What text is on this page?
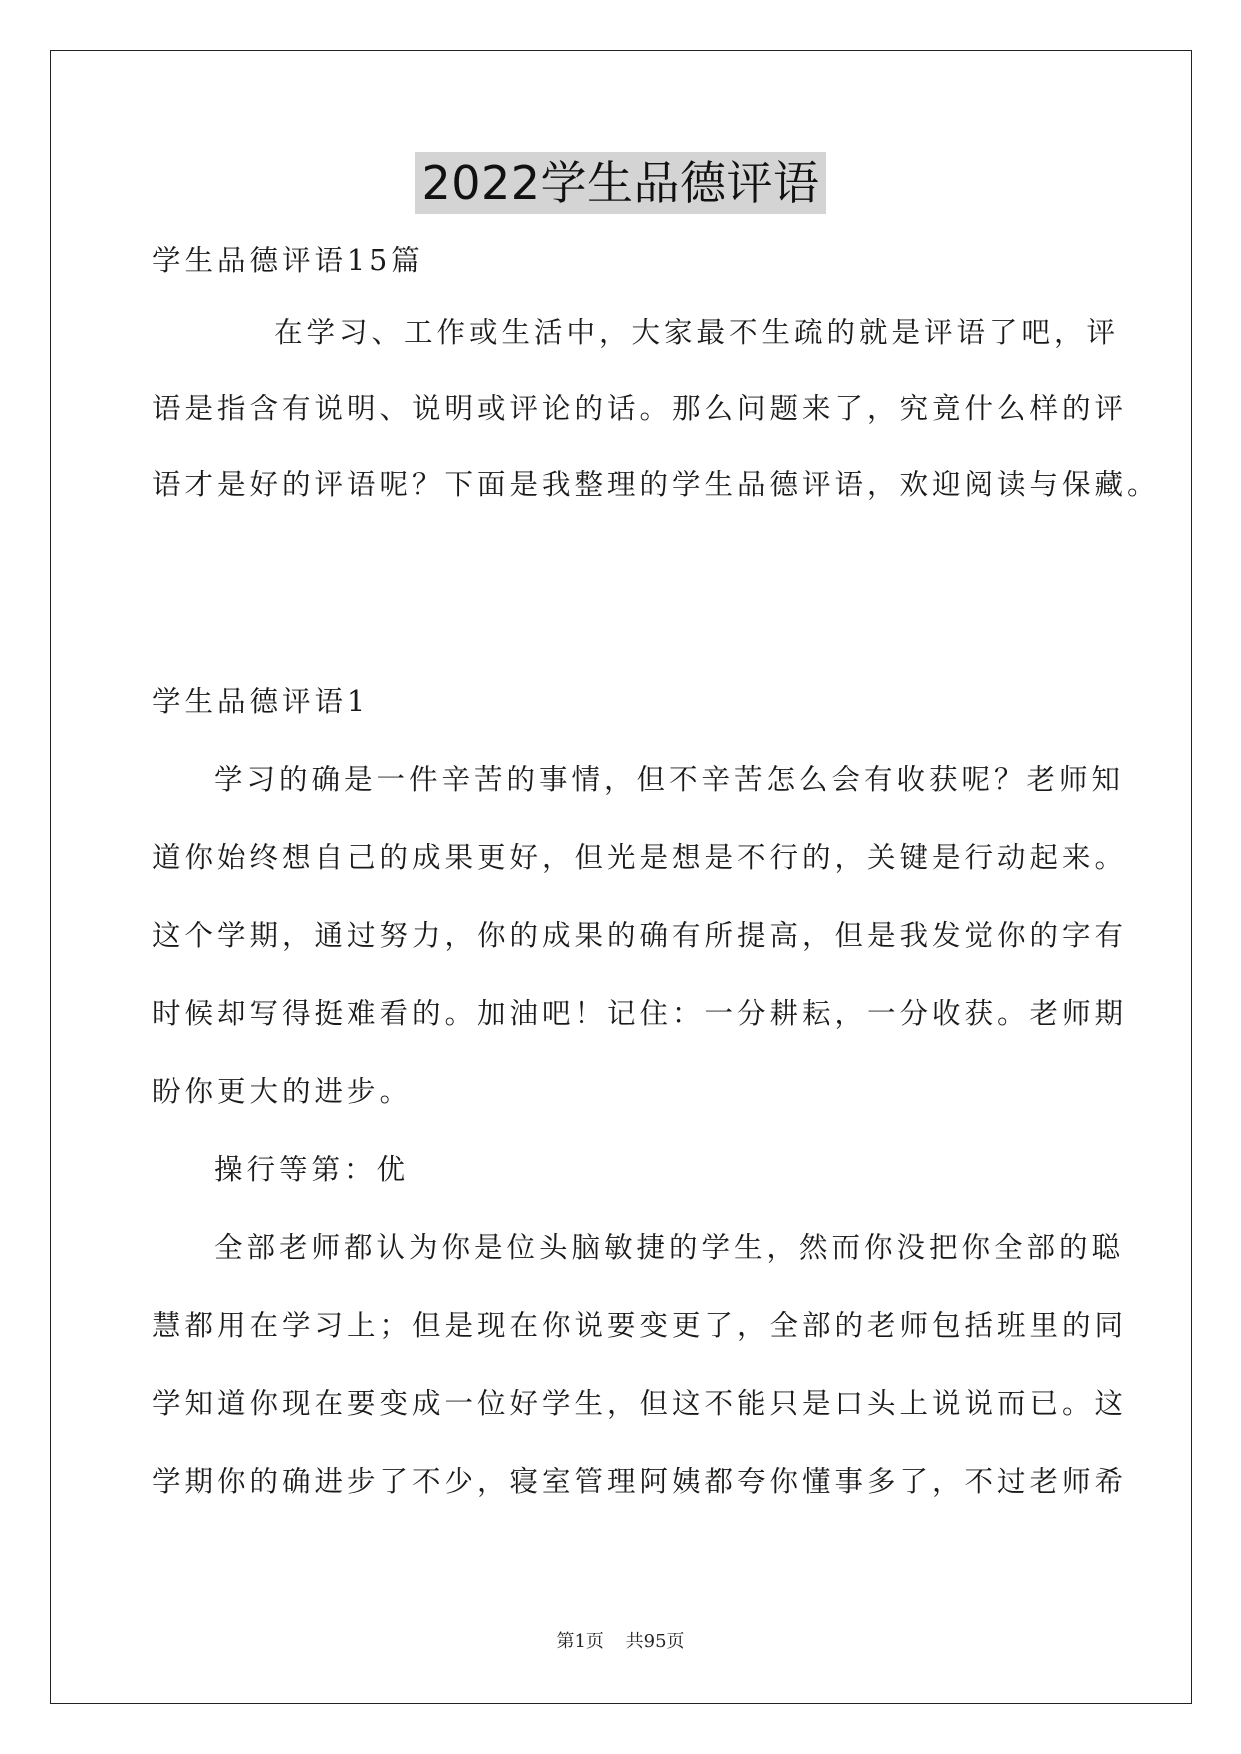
2022学生品德评语

学生品德评语15篇

在学习、工作或生活中，大家最不生疏的就是评语了吧，评

语是指含有说明、说明或评论的话。那么问题来了，究竟什么样的评

语才是好的评语呢？下面是我整理的学生品德评语，欢迎阅读与保藏。

学生品德评语1

学习的确是一件辛苦的事情，但不辛苦怎么会有收获呢？老师知

道你始终想自己的成果更好，但光是想是不行的，关键是行动起来。

这个学期，通过努力，你的成果的确有所提高，但是我发觉你的字有

时候却写得挺难看的。加油吧！记住：一分耕耘，一分收获。老师期

盼你更大的进步。

操行等第：优

全部老师都认为你是位头脑敏捷的学生，然而你没把你全部的聪

慧都用在学习上；但是现在你说要变更了，全部的老师包括班里的同

学知道你现在要变成一位好学生，但这不能只是口头上说说而已。这

学期你的确进步了不少，寝室管理阿姨都夸你懂事多了，不过老师希

第1页 共95页
